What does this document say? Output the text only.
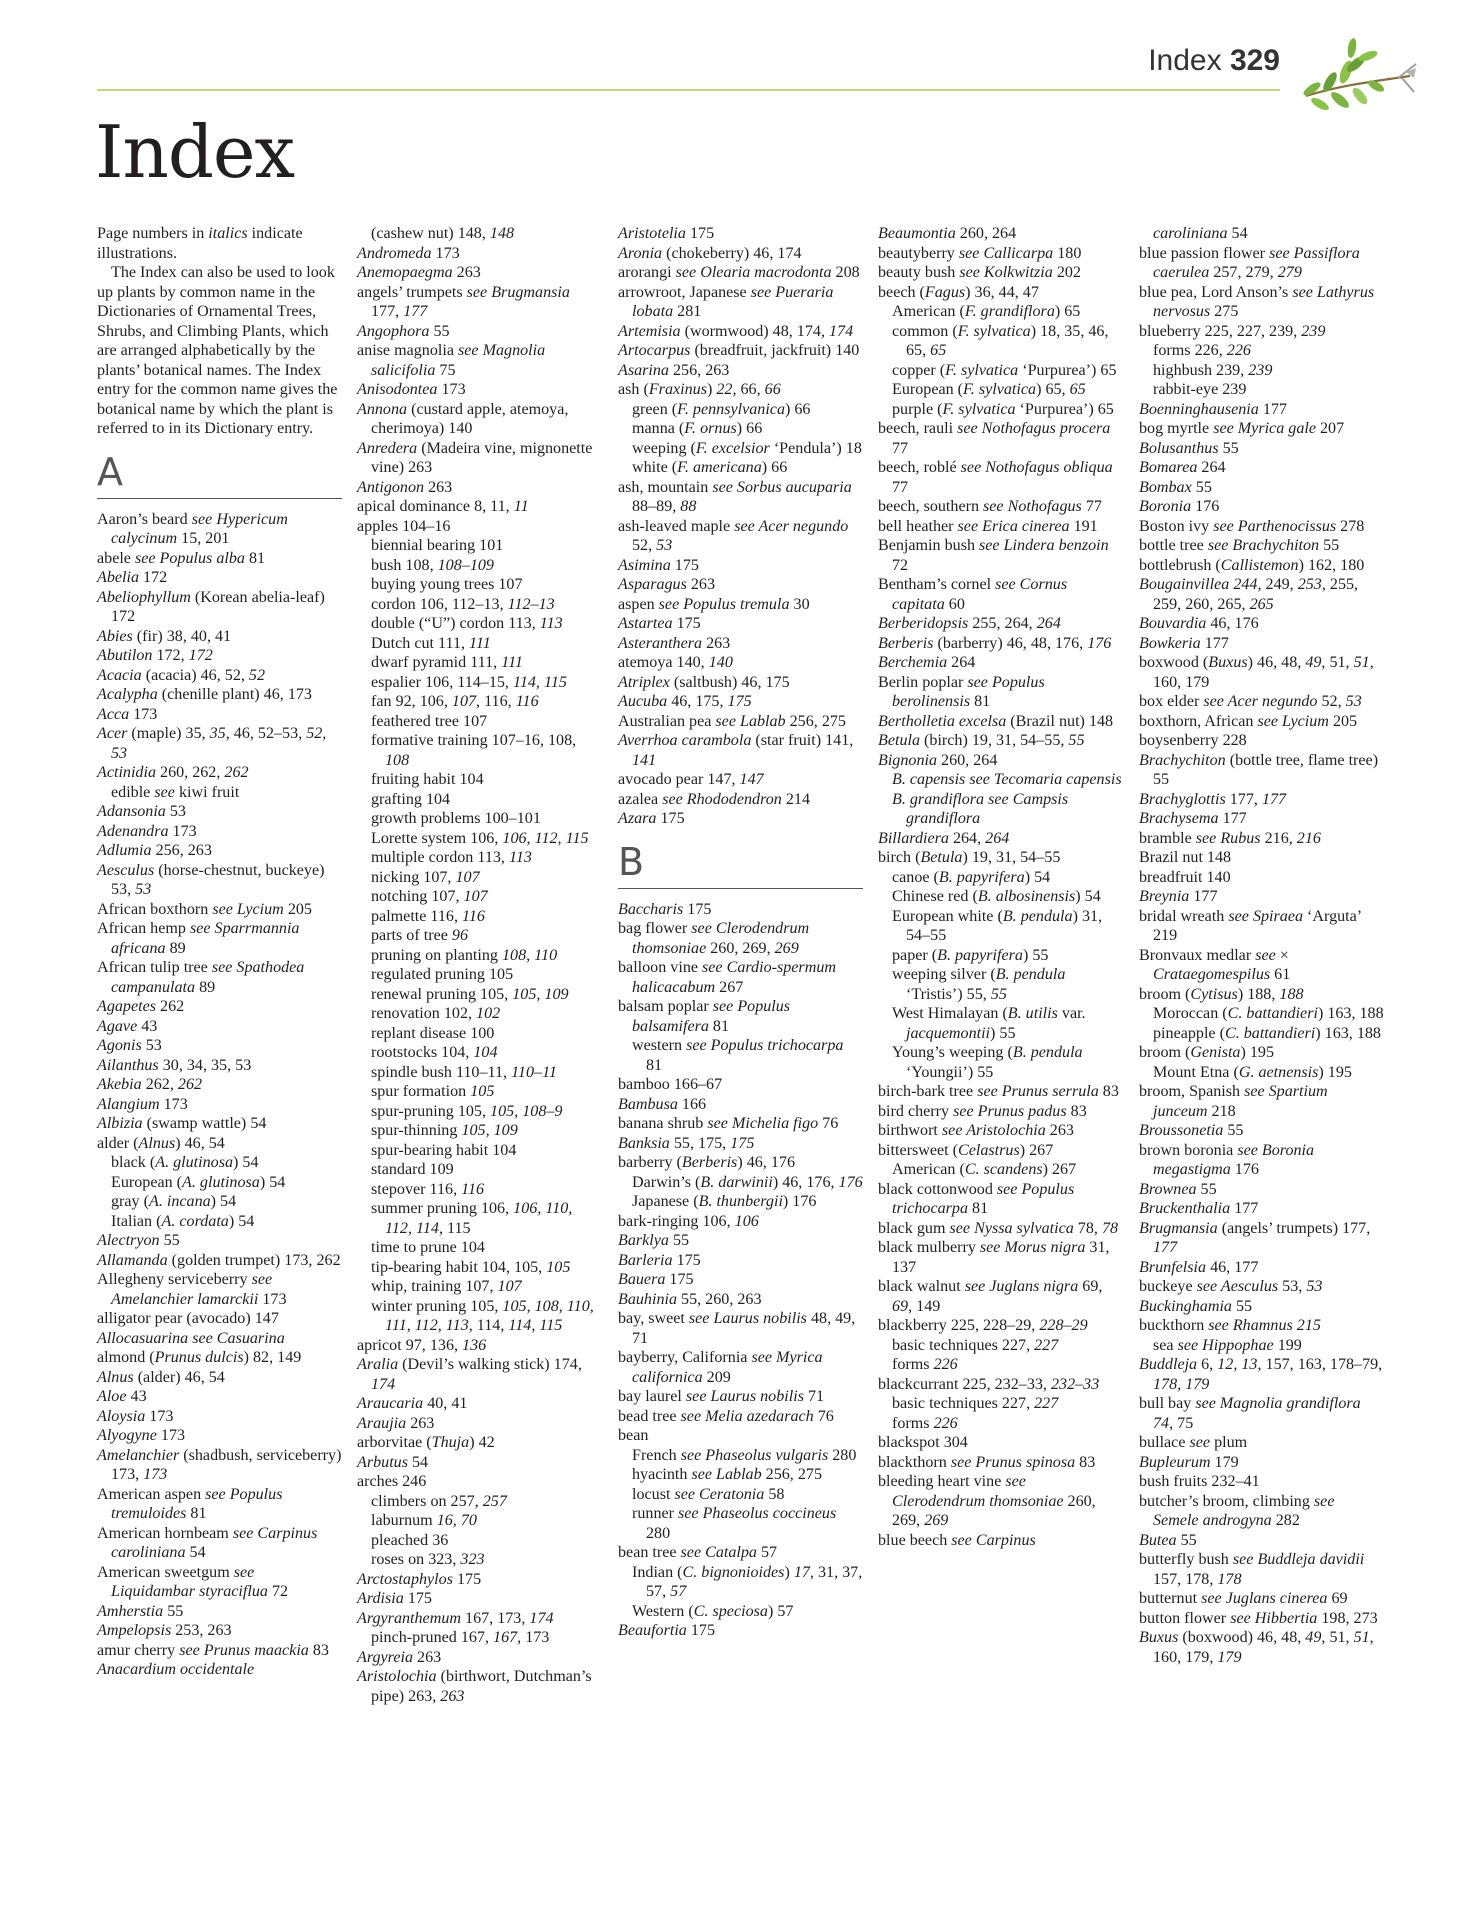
Index 329
Index

Page numbers in italics indicate illustrations.
The Index can also be used to look up plants by common name in the Dictionaries of Ornamental Trees, Shrubs, and Climbing Plants, which are arranged alphabetically by the plants’ botanical names. The Index entry for the common name gives the botanical name by which the plant is referred to in its Dictionary entry.

A

Aaron’s beard see Hypericum calycinum 15, 201

abele see Populus alba 81

Abelia 172

Abeliophyllum (Korean abelia-leaf) 172

Abies (fir) 38, 40, 41

Abutilon 172, 172

Acacia (acacia) 46, 52, 52

Acalypha (chenille plant) 46, 173

Acca 173

Acer (maple) 35, 35, 46, 52–53, 52, 53

Actinidia 260, 262, 262

edible see kiwi fruit

Adansonia 53

Adenandra 173

Adlumia 256, 263

Aesculus (horse-chestnut, buckeye) 53, 53

African boxthorn see Lycium 205

African hemp see Sparrmannia africana 89

African tulip tree see Spathodea campanulata 89

Agapetes 262

Agave 43

Agonis 53

Ailanthus 30, 34, 35, 53

Akebia 262, 262

Alangium 173

Albizia (swamp wattle) 54

alder (Alnus) 46, 54

black (A. glutinosa) 54

European (A. glutinosa) 54

gray (A. incana) 54

Italian (A. cordata) 54

Alectryon 55

Allamanda (golden trumpet) 173, 262

Allegheny serviceberry see Amelanchier lamarckii 173

alligator pear (avocado) 147

Allocasuarina see Casuarina

almond (Prunus dulcis) 82, 149

Alnus (alder) 46, 54

Aloe 43

Aloysia 173

Alyogyne 173

Amelanchier (shadbush, serviceberry) 173, 173

American aspen see Populus tremuloides 81

American hornbeam see Carpinus caroliniana 54

American sweetgum see Liquidambar styraciflua 72

Amherstia 55

Ampelopsis 253, 263

amur cherry see Prunus maackia 83

Anacardium occidentale

(cashew nut) 148, 148

Andromeda 173

Anemopaegma 263

angels’ trumpets see Brugmansia 177, 177

Angophora 55

anise magnolia see Magnolia salicifolia 75

Anisodontea 173

Annona (custard apple, atemoya, cherimoya) 140

Anredera (Madeira vine, mignonette vine) 263

Antigonon 263

apical dominance 8, 11, 11

apples 104–16

biennial bearing 101

bush 108, 108–109

buying young trees 107

cordon 106, 112–13, 112–13

double (“U”) cordon 113, 113

Dutch cut 111, 111

dwarf pyramid 111, 111

espalier 106, 114–15, 114, 115

fan 92, 106, 107, 116, 116

feathered tree 107

formative training 107–16, 108, 108

fruiting habit 104

grafting 104

growth problems 100–101

Lorette system 106, 106, 112, 115

multiple cordon 113, 113

nicking 107, 107

notching 107, 107

palmette 116, 116

parts of tree 96

pruning on planting 108, 110

regulated pruning 105

renewal pruning 105, 105, 109

renovation 102, 102

replant disease 100

rootstocks 104, 104

spindle bush 110–11, 110–11

spur formation 105

spur-pruning 105, 105, 108–9

spur-thinning 105, 109

spur-bearing habit 104

standard 109

stepover 116, 116

summer pruning 106, 106, 110, 112, 114, 115

time to prune 104

tip-bearing habit 104, 105, 105

whip, training 107, 107

winter pruning 105, 105, 108, 110, 111, 112, 113, 114, 114, 115

apricot 97, 136, 136

Aralia (Devil’s walking stick) 174, 174

Araucaria 40, 41

Araujia 263

arborvitae (Thuja) 42

Arbutus 54

arches 246

climbers on 257, 257

laburnum 16, 70

pleached 36

roses on 323, 323

Arctostaphylos 175

Ardisia 175

Argyranthemum 167, 173, 174

pinch-pruned 167, 167, 173

Argyreia 263

Aristolochia (birthwort, Dutchman’s pipe) 263, 263

Aristotelia 175

Aronia (chokeberry) 46, 174

arorangi see Olearia macrodonta 208

arrowroot, Japanese see Pueraria lobata 281

Artemisia (wormwood) 48, 174, 174

Artocarpus (breadfruit, jackfruit) 140

Asarina 256, 263

ash (Fraxinus) 22, 66, 66

green (F. pennsylvanica) 66

manna (F. ornus) 66

weeping (F. excelsior ‘Pendula’) 18

white (F. americana) 66

ash, mountain see Sorbus aucuparia 88–89, 88

ash-leaved maple see Acer negundo 52, 53

Asimina 175

Asparagus 263

aspen see Populus tremula 30

Astartea 175

Asteranthera 263

atemoya 140, 140

Atriplex (saltbush) 46, 175

Aucuba 46, 175, 175

Australian pea see Lablab 256, 275

Averrhoa carambola (star fruit) 141, 141

avocado pear 147, 147

azalea see Rhododendron 214

Azara 175

B

Baccharis 175

bag flower see Clerodendrum thomsoniae 260, 269, 269

balloon vine see Cardio-spermum halicacabum 267

balsam poplar see Populus balsamifera 81

western see Populus trichocarpa 81

bamboo 166–67

Bambusa 166

banana shrub see Michelia figo 76

Banksia 55, 175, 175

barberry (Berberis) 46, 176

Darwin’s (B. darwinii) 46, 176, 176

Japanese (B. thunbergii) 176

bark-ringing 106, 106

Barklya 55

Barleria 175

Bauera 175

Bauhinia 55, 260, 263

bay, sweet see Laurus nobilis 48, 49, 71

bayberry, California see Myrica californica 209

bay laurel see Laurus nobilis 71

bead tree see Melia azedarach 76

bean

French see Phaseolus vulgaris 280

hyacinth see Lablab 256, 275

locust see Ceratonia 58

runner see Phaseolus coccineus 280

bean tree see Catalpa 57

Indian (C. bignonioides) 17, 31, 37, 57, 57

Western (C. speciosa) 57

Beaufortia 175

Beaumontia 260, 264

beautyberry see Callicarpa 180

beauty bush see Kolkwitzia 202

beech (Fagus) 36, 44, 47

American (F. grandiflora) 65

common (F. sylvatica) 18, 35, 46, 65, 65

copper (F. sylvatica ‘Purpurea’) 65

European (F. sylvatica) 65, 65

purple (F. sylvatica ‘Purpurea’) 65

beech, rauli see Nothofagus procera 77

beech, roblé see Nothofagus obliqua 77

beech, southern see Nothofagus 77

bell heather see Erica cinerea 191

Benjamin bush see Lindera benzoin 72

Bentham’s cornel see Cornus capitata 60

Berberidopsis 255, 264, 264

Berberis (barberry) 46, 48, 176, 176

Berchemia 264

Berlin poplar see Populus berolinensis 81

Bertholletia excelsa (Brazil nut) 148

Betula (birch) 19, 31, 54–55, 55

Bignonia 260, 264

B. capensis see Tecomaria capensis

B. grandiflora see Campsis grandiflora

Billardiera 264, 264

birch (Betula) 19, 31, 54–55

canoe (B. papyrifera) 54

Chinese red (B. albosinensis) 54

European white (B. pendula) 31, 54–55

paper (B. papyrifera) 55

weeping silver (B. pendula ‘Tristis’) 55, 55

West Himalayan (B. utilis var. jacquemontii) 55

Young’s weeping (B. pendula ‘Youngii’) 55

birch-bark tree see Prunus serrula 83

bird cherry see Prunus padus 83

birthwort see Aristolochia 263

bittersweet (Celastrus) 267

American (C. scandens) 267

black cottonwood see Populus trichocarpa 81

black gum see Nyssa sylvatica 78, 78

black mulberry see Morus nigra 31, 137

black walnut see Juglans nigra 69, 69, 149

blackberry 225, 228–29, 228–29

basic techniques 227, 227

forms 226

blackcurrant 225, 232–33, 232–33

basic techniques 227, 227

forms 226

blackspot 304

blackthorn see Prunus spinosa 83

bleeding heart vine see Clerodendrum thomsoniae 260, 269, 269

blue beech see Carpinus

caroliniana 54

blue passion flower see Passiflora caerulea 257, 279, 279

blue pea, Lord Anson’s see Lathyrus nervosus 275

blueberry 225, 227, 239, 239

forms 226, 226

highbush 239, 239

rabbit-eye 239

Boenninghausenia 177

bog myrtle see Myrica gale 207

Bolusanthus 55

Bomarea 264

Bombax 55

Boronia 176

Boston ivy see Parthenocissus 278

bottle tree see Brachychiton 55

bottlebrush (Callistemon) 162, 180

Bougainvillea 244, 249, 253, 255, 259, 260, 265, 265

Bouvardia 46, 176

Bowkeria 177

boxwood (Buxus) 46, 48, 49, 51, 51, 160, 179

box elder see Acer negundo 52, 53

boxthorn, African see Lycium 205

boysenberry 228

Brachychiton (bottle tree, flame tree) 55

Brachyglottis 177, 177

Brachysema 177

bramble see Rubus 216, 216

Brazil nut 148

breadfruit 140

Breynia 177

bridal wreath see Spiraea ‘Arguta’ 219

Bronvaux medlar see × Crataegomespilus 61

broom (Cytisus) 188, 188

Moroccan (C. battandieri) 163, 188

pineapple (C. battandieri) 163, 188

broom (Genista) 195

Mount Etna (G. aetnensis) 195

broom, Spanish see Spartium junceum 218

Broussonetia 55

brown boronia see Boronia megastigma 176

Brownea 55

Bruckenthalia 177

Brugmansia (angels’ trumpets) 177, 177

Brunfelsia 46, 177

buckeye see Aesculus 53, 53

Buckinghamia 55

buckthorn see Rhamnus 215

sea see Hippophae 199

Buddleja 6, 12, 13, 157, 163, 178–79, 178, 179

bull bay see Magnolia grandiflora 74, 75

bullace see plum

Bupleurum 179

bush fruits 232–41

butcher’s broom, climbing see Semele androgyna 282

Butea 55

butterfly bush see Buddleja davidii 157, 178, 178

butternut see Juglans cinerea 69

button flower see Hibbertia 198, 273

Buxus (boxwood) 46, 48, 49, 51, 51, 160, 179, 179
